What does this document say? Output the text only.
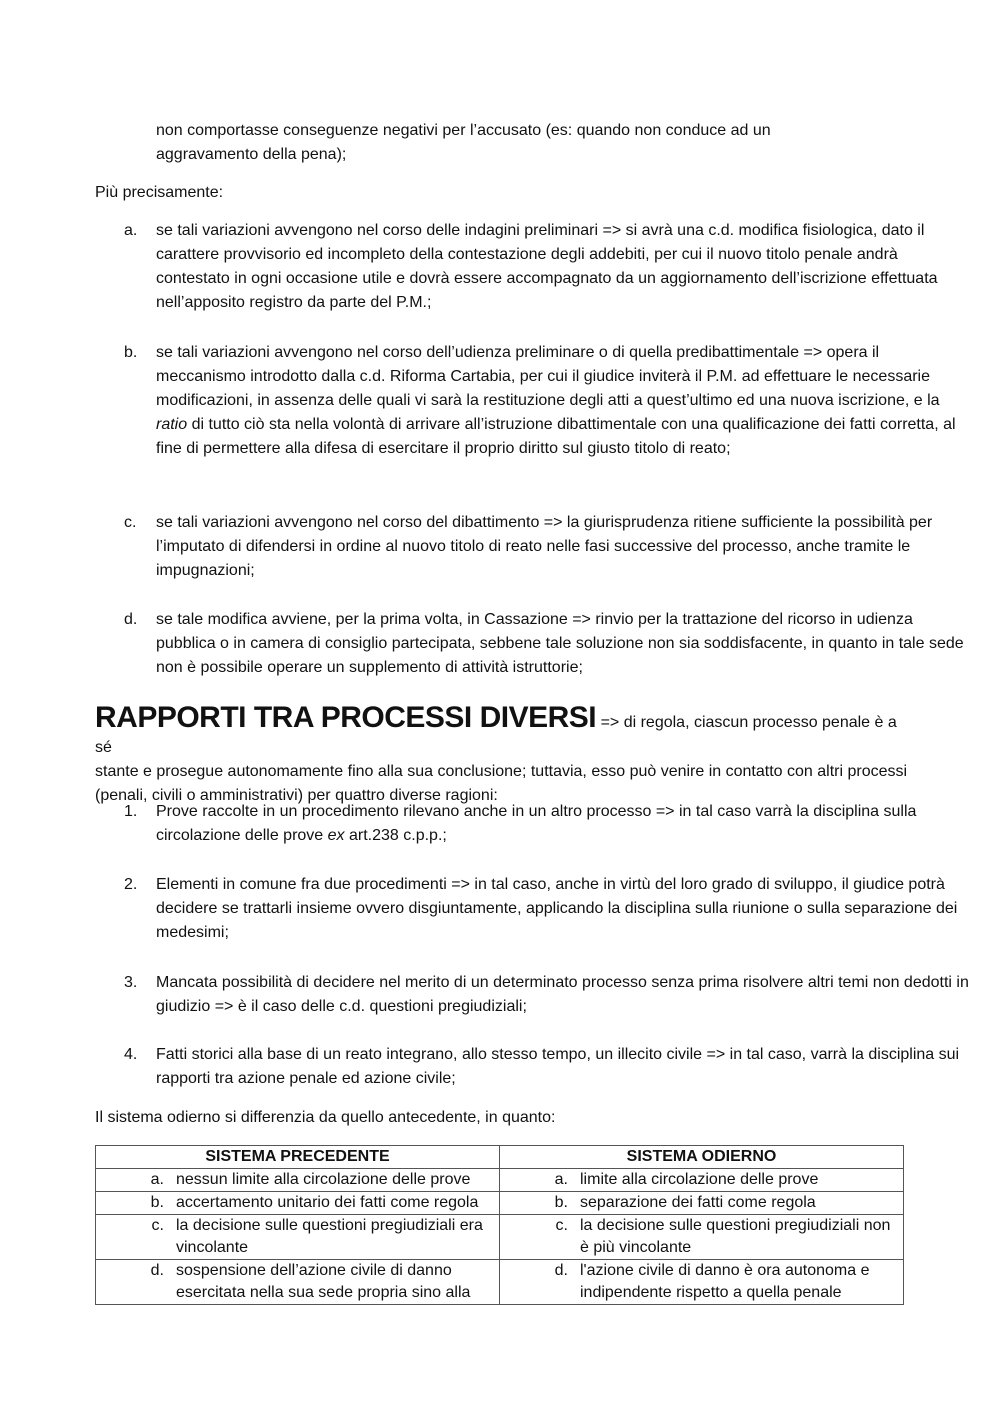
non comportasse conseguenze negativi per l’accusato (es: quando non conduce ad un
aggravamento della pena);
Più precisamente:
a. se tali variazioni avvengono nel corso delle indagini preliminari => si avrà una c.d. modifica fisiologica, dato il carattere provvisorio ed incompleto della contestazione degli addebiti, per cui il nuovo titolo penale andrà contestato in ogni occasione utile e dovrà essere accompagnato da un aggiornamento dell’iscrizione effettuata nell’apposito registro da parte del P.M.;
b. se tali variazioni avvengono nel corso dell’udienza preliminare o di quella predibattimentale => opera il meccanismo introdotto dalla c.d. Riforma Cartabia, per cui il giudice inviterà il P.M. ad effettuare le necessarie modificazioni, in assenza delle quali vi sarà la restituzione degli atti a quest’ultimo ed una nuova iscrizione, e la ratio di tutto ciò sta nella volontà di arrivare all’istruzione dibattimentale con una qualificazione dei fatti corretta, al fine di permettere alla difesa di esercitare il proprio diritto sul giusto titolo di reato;
c. se tali variazioni avvengono nel corso del dibattimento => la giurisprudenza ritiene sufficiente la possibilità per l’imputato di difendersi in ordine al nuovo titolo di reato nelle fasi successive del processo, anche tramite le impugnazioni;
d. se tale modifica avviene, per la prima volta, in Cassazione => rinvio per la trattazione del ricorso in udienza pubblica o in camera di consiglio partecipata, sebbene tale soluzione non sia soddisfacente, in quanto in tale sede non è possibile operare un supplemento di attività istruttorie;
RAPPORTI TRA PROCESSI DIVERSI => di regola, ciascun processo penale è a sé
stante e prosegue autonomamente fino alla sua conclusione; tuttavia, esso può venire in contatto con altri processi (penali, civili o amministrativi) per quattro diverse ragioni:
1. Prove raccolte in un procedimento rilevano anche in un altro processo => in tal caso varrà la disciplina sulla circolazione delle prove ex art.238 c.p.p.;
2. Elementi in comune fra due procedimenti => in tal caso, anche in virtù del loro grado di sviluppo, il giudice potrà decidere se trattarli insieme ovvero disgiuntamente, applicando la disciplina sulla riunione o sulla separazione dei medesimi;
3. Mancata possibilità di decidere nel merito di un determinato processo senza prima risolvere altri temi non dedotti in giudizio => è il caso delle c.d. questioni pregiudiziali;
4. Fatti storici alla base di un reato integrano, allo stesso tempo, un illecito civile => in tal caso, varrà la disciplina sui rapporti tra azione penale ed azione civile;
Il sistema odierno si differenzia da quello antecedente, in quanto:
SISTEMA PRECEDENTE	SISTEMA ODIERNO

a. nessun limite alla circolazione delle prove	a. limite alla circolazione delle prove

b. accertamento unitario dei fatti come regola	b. separazione dei fatti come regola

c. la decisione sulle questioni pregiudiziali era vincolante	c. la decisione sulle questioni pregiudiziali non è più vincolante

d. sospensione dell’azione civile di danno esercitata nella sua sede propria sino alla	d. l'azione civile di danno è ora autonoma e indipendente rispetto a quella penale
